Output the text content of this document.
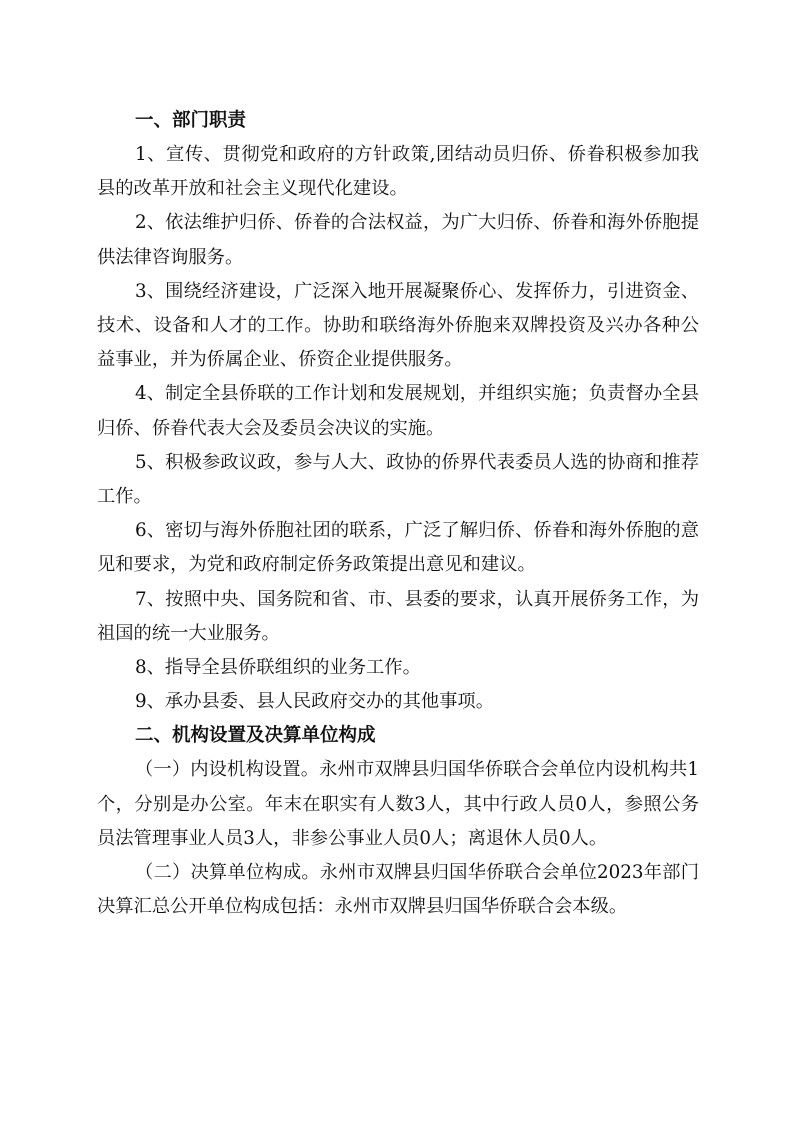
一、部门职责

1、宣传、贯彻党和政府的方针政策,团结动员归侨、侨眷积极参加我县的改革开放和社会主义现代化建设。

2、依法维护归侨、侨眷的合法权益，为广大归侨、侨眷和海外侨胞提供法律咨询服务。

3、围绕经济建设，广泛深入地开展凝聚侨心、发挥侨力，引进资金、技术、设备和人才的工作。协助和联络海外侨胞来双牌投资及兴办各种公益事业，并为侨属企业、侨资企业提供服务。

4、制定全县侨联的工作计划和发展规划，并组织实施；负责督办全县归侨、侨眷代表大会及委员会决议的实施。

5、积极参政议政，参与人大、政协的侨界代表委员人选的协商和推荐工作。

6、密切与海外侨胞社团的联系，广泛了解归侨、侨眷和海外侨胞的意见和要求，为党和政府制定侨务政策提出意见和建议。

7、按照中央、国务院和省、市、县委的要求，认真开展侨务工作，为祖国的统一大业服务。

8、指导全县侨联组织的业务工作。

9、承办县委、县人民政府交办的其他事项。

二、机构设置及决算单位构成

（一）内设机构设置。永州市双牌县归国华侨联合会单位内设机构共1个，分别是办公室。年末在职实有人数3人，其中行政人员0人，参照公务员法管理事业人员3人，非参公事业人员0人；离退休人员0人。

（二）决算单位构成。永州市双牌县归国华侨联合会单位2023年部门决算汇总公开单位构成包括：永州市双牌县归国华侨联合会本级。
